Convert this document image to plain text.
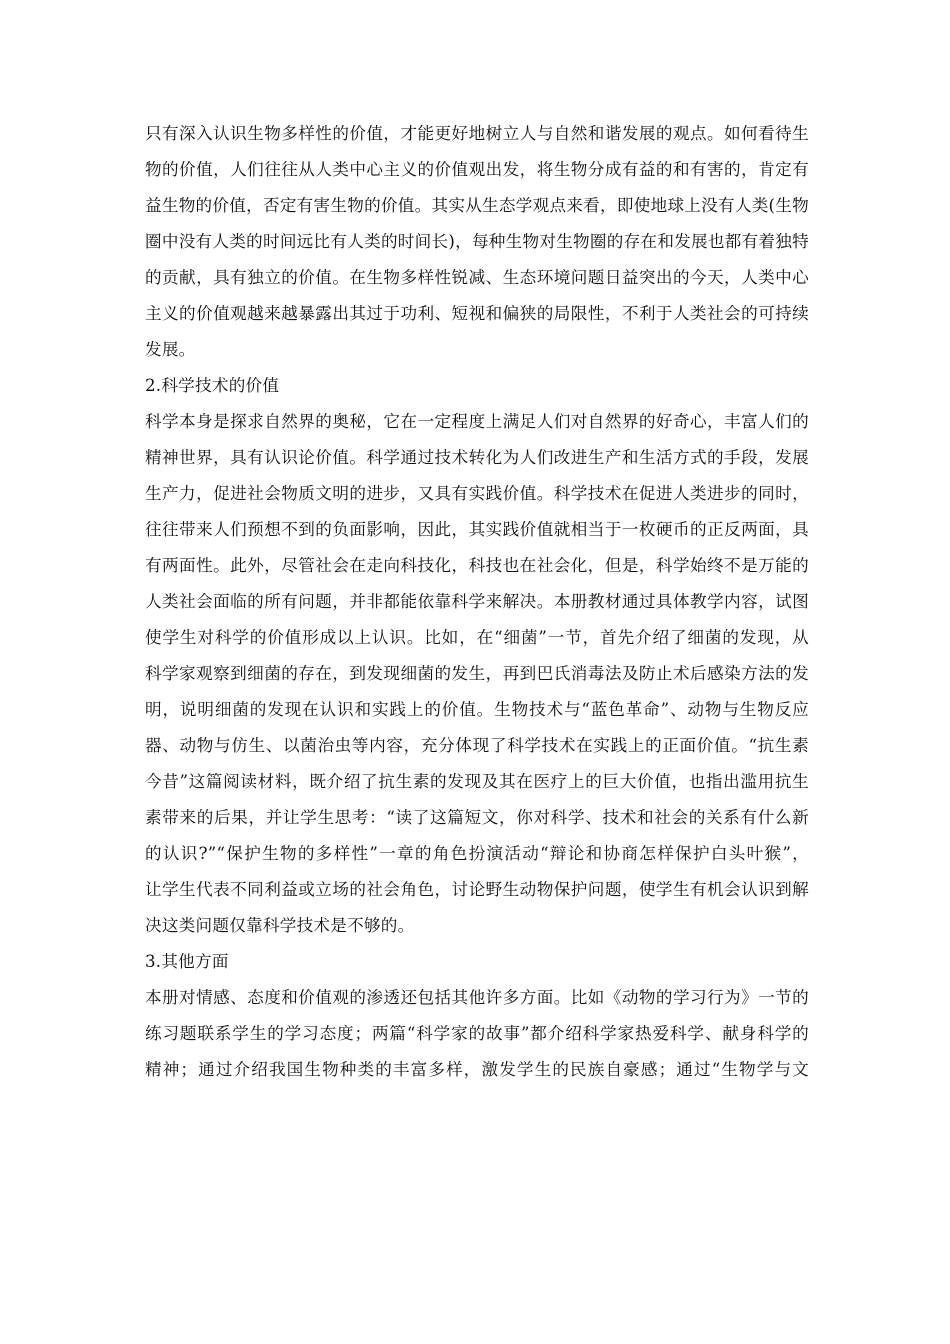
只有深入认识生物多样性的价值，才能更好地树立人与自然和谐发展的观点。如何看待生
物的价值，人们往往从人类中心主义的价值观出发，将生物分成有益的和有害的，肯定有
益生物的价值，否定有害生物的价值。其实从生态学观点来看，即使地球上没有人类(生物
圈中没有人类的时间远比有人类的时间长)，每种生物对生物圈的存在和发展也都有着独特
的贡献，具有独立的价值。在生物多样性锐减、生态环境问题日益突出的今天，人类中心
主义的价值观越来越暴露出其过于功利、短视和偏狭的局限性，不利于人类社会的可持续
发展。
2.科学技术的价值
科学本身是探求自然界的奥秘，它在一定程度上满足人们对自然界的好奇心，丰富人们的
精神世界，具有认识论价值。科学通过技术转化为人们改进生产和生活方式的手段，发展
生产力，促进社会物质文明的进步，又具有实践价值。科学技术在促进人类进步的同时，
往往带来人们预想不到的负面影响，因此，其实践价值就相当于一枚硬币的正反两面，具
有两面性。此外，尽管社会在走向科技化，科技也在社会化，但是，科学始终不是万能的
人类社会面临的所有问题，并非都能依靠科学来解决。本册教材通过具体教学内容，试图
使学生对科学的价值形成以上认识。比如，在“细菌”一节，首先介绍了细菌的发现，从
科学家观察到细菌的存在，到发现细菌的发生，再到巴氏消毒法及防止术后感染方法的发
明，说明细菌的发现在认识和实践上的价值。生物技术与“蓝色革命”、动物与生物反应
器、动物与仿生、以菌治虫等内容，充分体现了科学技术在实践上的正面价值。“抗生素
今昔”这篇阅读材料，既介绍了抗生素的发现及其在医疗上的巨大价值，也指出滥用抗生
素带来的后果，并让学生思考：“读了这篇短文，你对科学、技术和社会的关系有什么新
的认识?”“保护生物的多样性”一章的角色扮演活动“辩论和协商怎样保护白头叶猴”，
让学生代表不同利益或立场的社会角色，讨论野生动物保护问题，使学生有机会认识到解
决这类问题仅靠科学技术是不够的。
3.其他方面
本册对情感、态度和价值观的渗透还包括其他许多方面。比如《动物的学习行为》一节的
练习题联系学生的学习态度；两篇“科学家的故事”都介绍科学家热爱科学、献身科学的
精神；通过介绍我国生物种类的丰富多样，激发学生的民族自豪感；通过“生物学与文
